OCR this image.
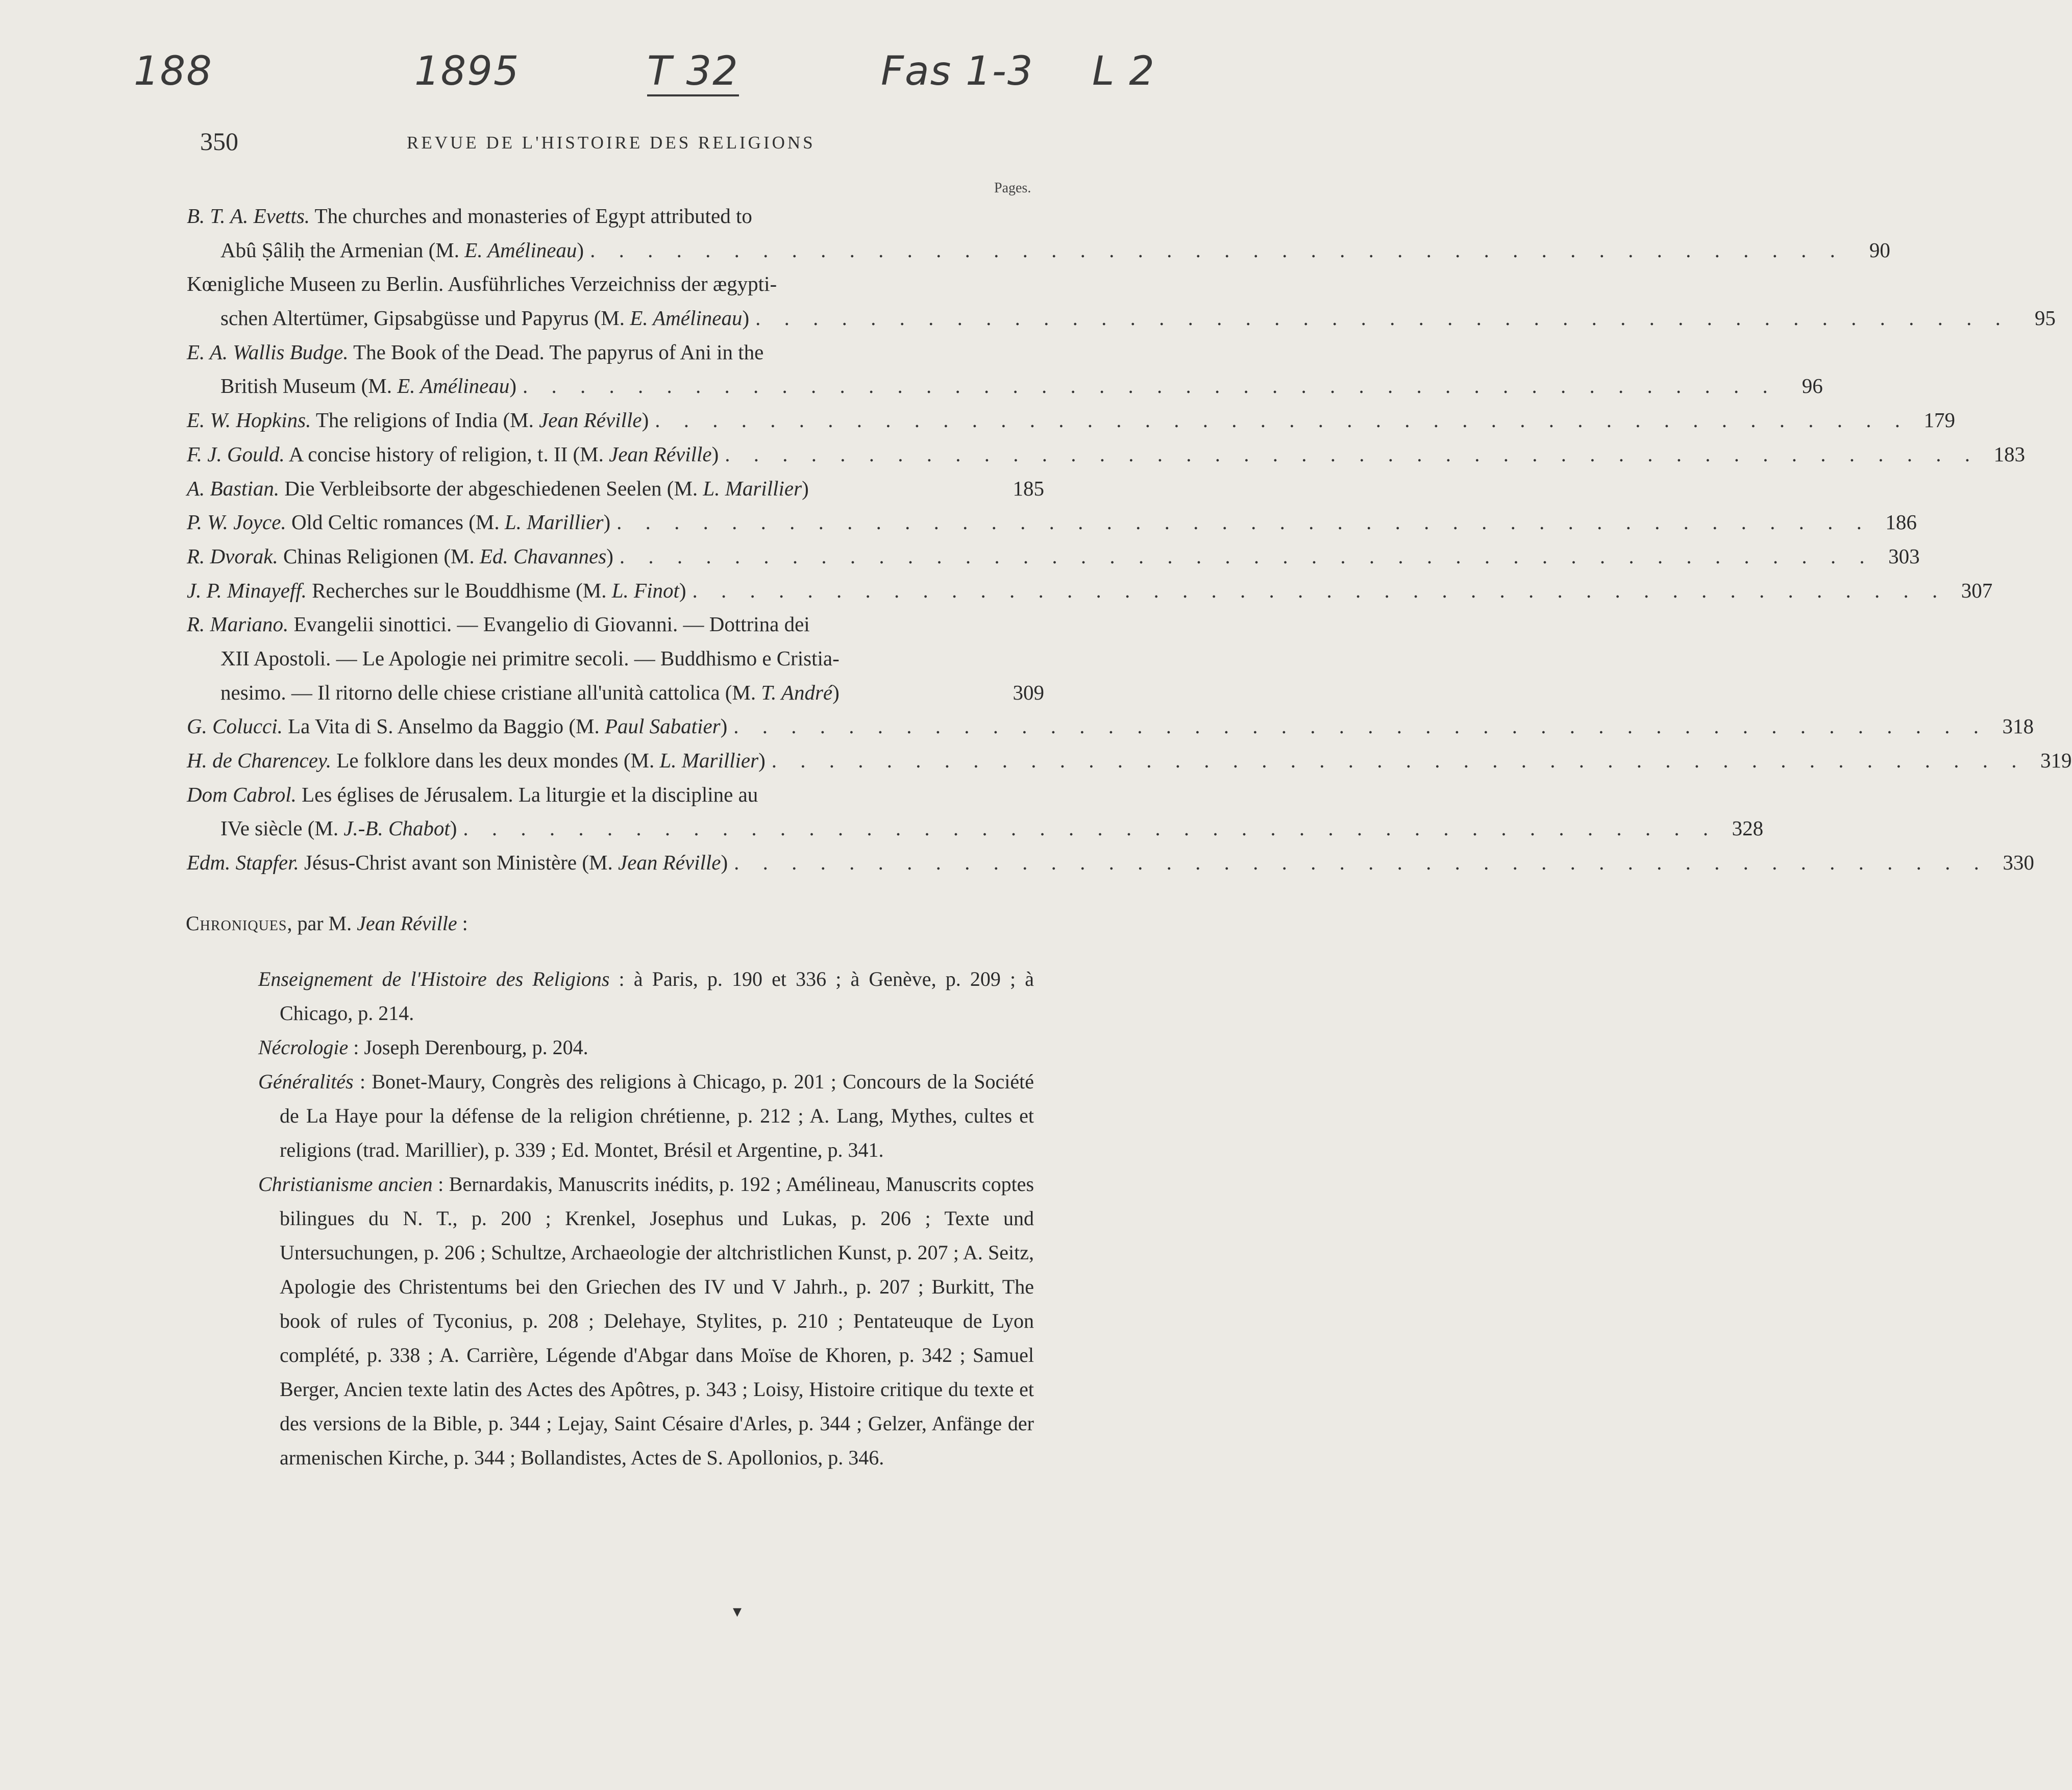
188	1895	T 32	Fas 1-3 L 2
350	REVUE DE L'HISTOIRE DES RELIGIONS
Pages.
B. T. A. Evetts. The churches and monasteries of Egypt attributed to
Abû Ṣâliḥ the Armenian (M. E. Amélineau) . . .	90
Kœnigliche Museen zu Berlin. Ausführliches Verzeichniss der ægypti-
schen Altertümer, Gipsabgüsse und Papyrus (M. E. Amélineau) . . .	95
E. A. Wallis Budge. The Book of the Dead. The papyrus of Ani in the
British Museum (M. E. Amélineau) . . .	96
E. W. Hopkins. The religions of India (M. Jean Réville) . . .	179
F. J. Gould. A concise history of religion, t. II (M. Jean Réville) . . .	183
A. Bastian. Die Verbleibsorte der abgeschiedenen Seelen (M. L. Marillier)	185
P. W. Joyce. Old Celtic romances (M. L. Marillier) . . .	186
R. Dvorak. Chinas Religionen (M. Ed. Chavannes) . . .	303
J. P. Minayeff. Recherches sur le Bouddhisme (M. L. Finot) . . .	307
R. Mariano. Evangelii sinottici. — Evangelio di Giovanni. — Dottrina dei
XII Apostoli. — Le Apologie nei primitre secoli. — Buddhismo e Cristia-
nesimo. — Il ritorno delle chiese cristiane all'unità cattolica (M. T. André)	309
G. Colucci. La Vita di S. Anselmo da Baggio (M. Paul Sabatier) . . .	318
H. de Charencey. Le folklore dans les deux mondes (M. L. Marillier) . . .	319
Dom Cabrol. Les églises de Jérusalem. La liturgie et la discipline au
IVe siècle (M. J.-B. Chabot) . . .	328
Edm. Stapfer. Jésus-Christ avant son Ministère (M. Jean Réville) . . .	330
Chroniques, par M. Jean Réville :
Enseignement de l'Histoire des Religions : à Paris, p. 190 et 336 ; à Genève, p. 209 ; à Chicago, p. 214.
Nécrologie : Joseph Derenbourg, p. 204.
Généralités : Bonet-Maury, Congrès des religions à Chicago, p. 201 ; Concours de la Société de La Haye pour la défense de la religion chrétienne, p. 212 ; A. Lang, Mythes, cultes et religions (trad. Marillier), p. 339 ; Ed. Montet, Brésil et Argentine, p. 341.
Christianisme ancien : Bernardakis, Manuscrits inédits, p. 192 ; Amélineau, Manuscrits coptes bilingues du N. T., p. 200 ; Krenkel, Josephus und Lukas, p. 206 ; Texte und Untersuchungen, p. 206 ; Schultze, Archaeologie der altchristlichen Kunst, p. 207 ; A. Seitz, Apologie des Christentums bei den Griechen des IV und V Jahrh., p. 207 ; Burkitt, The book of rules of Tyconius, p. 208 ; Delehaye, Stylites, p. 210 ; Pentateuque de Lyon complété, p. 338 ; A. Carrière, Légende d'Abgar dans Moïse de Khoren, p. 342 ; Samuel Berger, Ancien texte latin des Actes des Apôtres, p. 343 ; Loisy, Histoire critique du texte et des versions de la Bible, p. 344 ; Lejay, Saint Césaire d'Arles, p. 344 ; Gelzer, Anfänge der armenischen Kirche, p. 344 ; Bollandistes, Actes de S. Apollonios, p. 346.
▾
